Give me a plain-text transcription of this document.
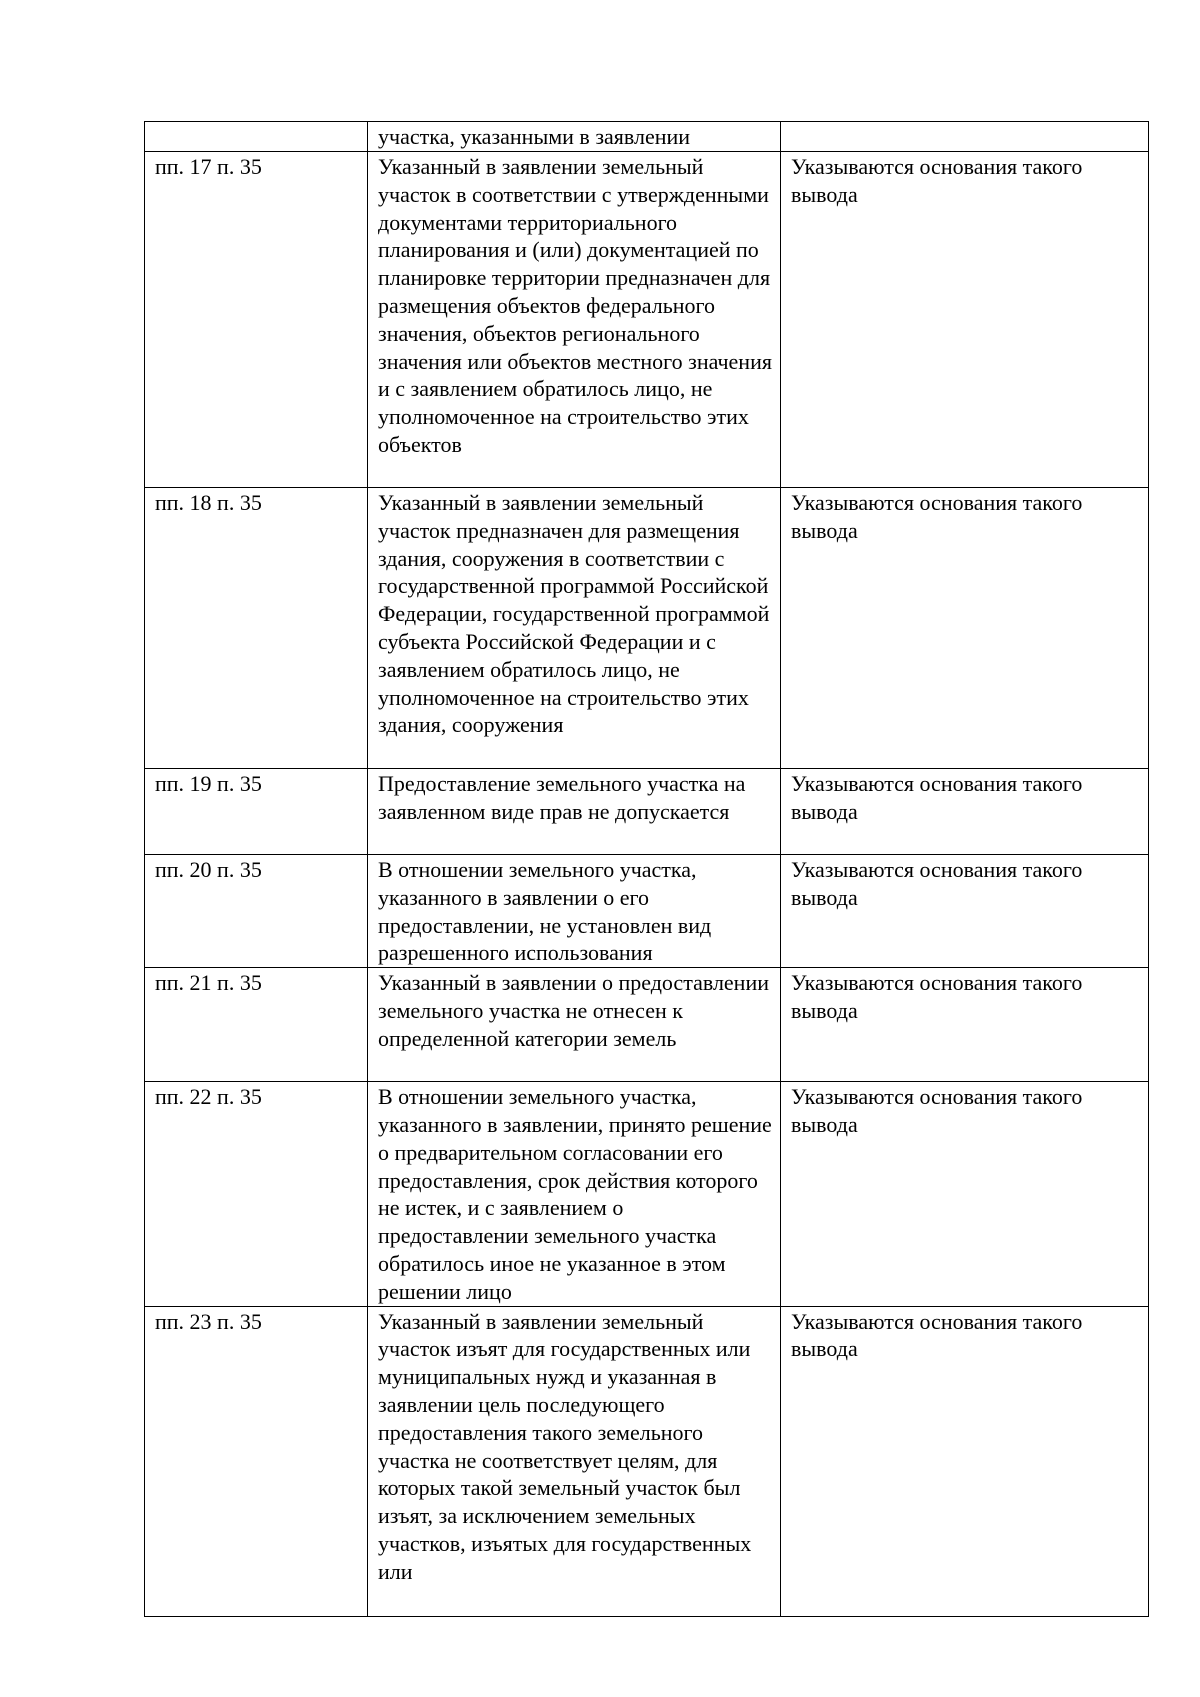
	участка, указанными в заявлении	

пп. 17 п. 35	Указанный в заявлении земельный участок в соответствии с утвержденными документами территориального планирования и (или) документацией по планировке территории предназначен для размещения объектов федерального значения, объектов регионального значения или объектов местного значения и с заявлением обратилось лицо, не уполномоченное на строительство этих объектов	Указываются основания такого вывода

пп. 18 п. 35	Указанный в заявлении земельный участок предназначен для размещения здания, сооружения в соответствии с государственной программой Российской Федерации, государственной программой субъекта Российской Федерации и с заявлением обратилось лицо, не уполномоченное на строительство этих здания, сооружения	Указываются основания такого вывода

пп. 19 п. 35	Предоставление земельного участка на заявленном виде прав не допускается	Указываются основания такого вывода

пп. 20 п. 35	В отношении земельного участка, указанного в заявлении о его предоставлении, не установлен вид разрешенного использования	Указываются основания такого вывода

пп. 21 п. 35	Указанный в заявлении о предоставлении земельного участка не отнесен к определенной категории земель	Указываются основания такого вывода

пп. 22 п. 35	В отношении земельного участка, указанного в заявлении, принято решение о предварительном согласовании его предоставления, срок действия которого не истек, и с заявлением о предоставлении земельного участка обратилось иное не указанное в этом решении лицо	Указываются основания такого вывода

пп. 23 п. 35	Указанный в заявлении земельный участок изъят для государственных или муниципальных нужд и указанная в заявлении цель последующего предоставления такого земельного участка не соответствует целям, для которых такой земельный участок был изъят, за исключением земельных участков, изъятых для государственных или	Указываются основания такого вывода
